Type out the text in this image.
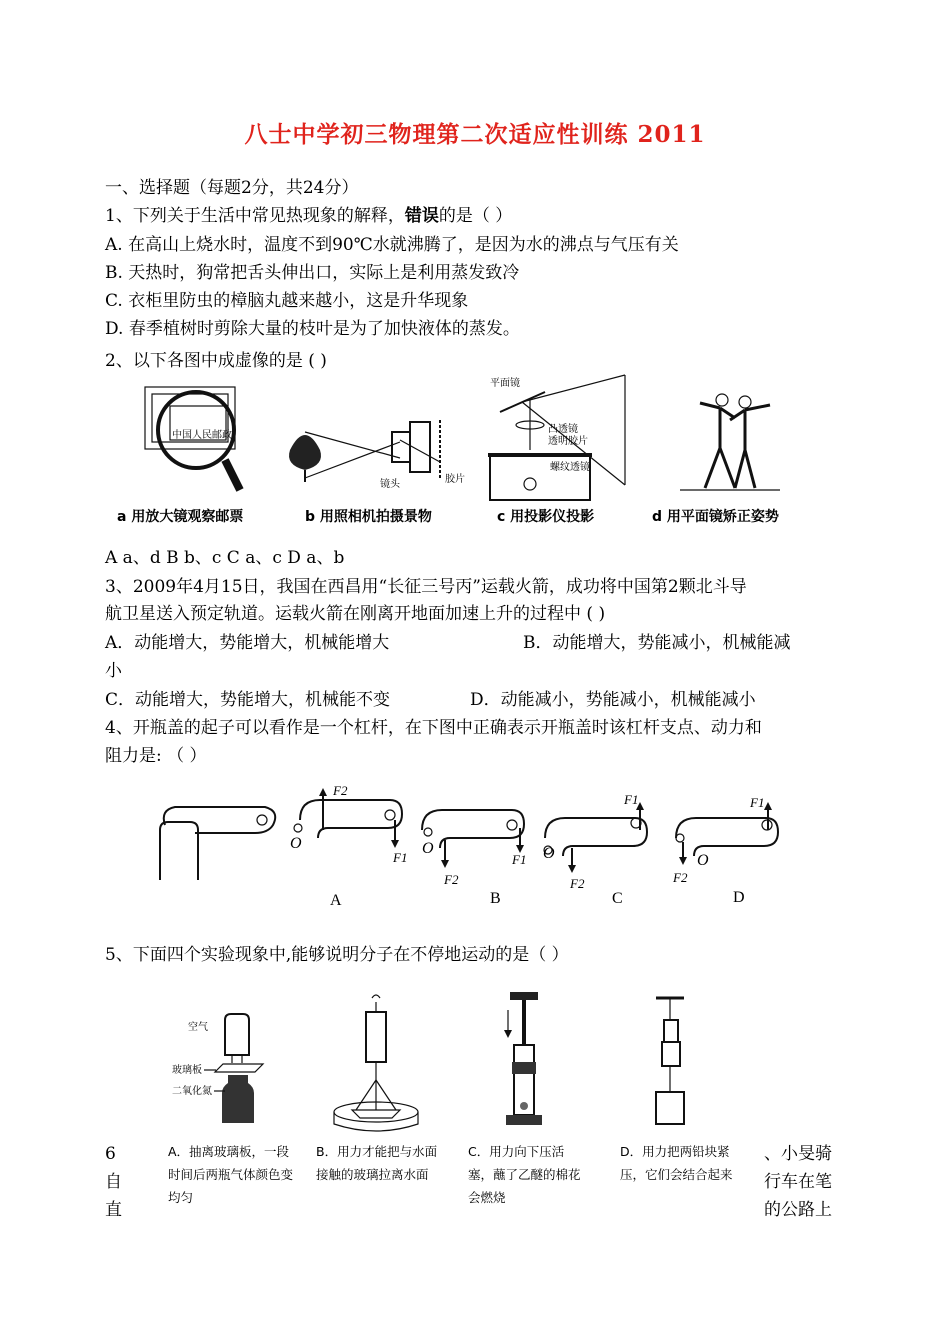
八士中学初三物理第二次适应性训练 2011
一、选择题（每题2分，共24分）
1、下列关于生活中常见热现象的解释，错误的是（ ）
A. 在高山上烧水时，温度不到90℃水就沸腾了，是因为水的沸点与气压有关
B. 天热时，狗常把舌头伸出口，实际上是利用蒸发致冷
C. 衣柜里防虫的樟脑丸越来越小，这是升华现象
D. 春季植树时剪除大量的枝叶是为了加快液体的蒸发。
2、以下各图中成虚像的是 ( )
中国人民邮政
镜头	胶片
平面镜
凸透镜
透明胶片
螺纹透镜
a 用放大镜观察邮票	b 用照相机拍摄景物	c 用投影仪投影	d 用平面镜矫正姿势
A a、d B b、c C a、c D a、b
3、2009年4月15日，我国在西昌用“长征三号丙”运载火箭，成功将中国第2颗北斗导
航卫星送入预定轨道。运载火箭在刚离开地面加速上升的过程中 ( )
A．动能增大，势能增大，机械能增大	B．动能增大，势能减小，机械能减
小
C．动能增大，势能增大，机械能不变	D．动能减小，势能减小，机械能减小
4、开瓶盖的起子可以看作是一个杠杆，在下图中正确表示开瓶盖时该杠杆支点、动力和
阻力是: （ ）
O
F2
F1
O
F2
F1 O
F1
F2
O
F1
F2
A	B	C	D
5、下面四个实验现象中,能够说明分子在不停地运动的是（ ）
空气
玻璃板
二氧化氮
A．抽离玻璃板，一段时间后两瓶气体颜色变均匀
B．用力才能把与水面接触的玻璃拉离水面
C．用力向下压活塞，蘸了乙醚的棉花会燃烧
D．用力把两铅块紧压，它们会结合起来
6
自
直
、小旻骑
行车在笔
的公路上
